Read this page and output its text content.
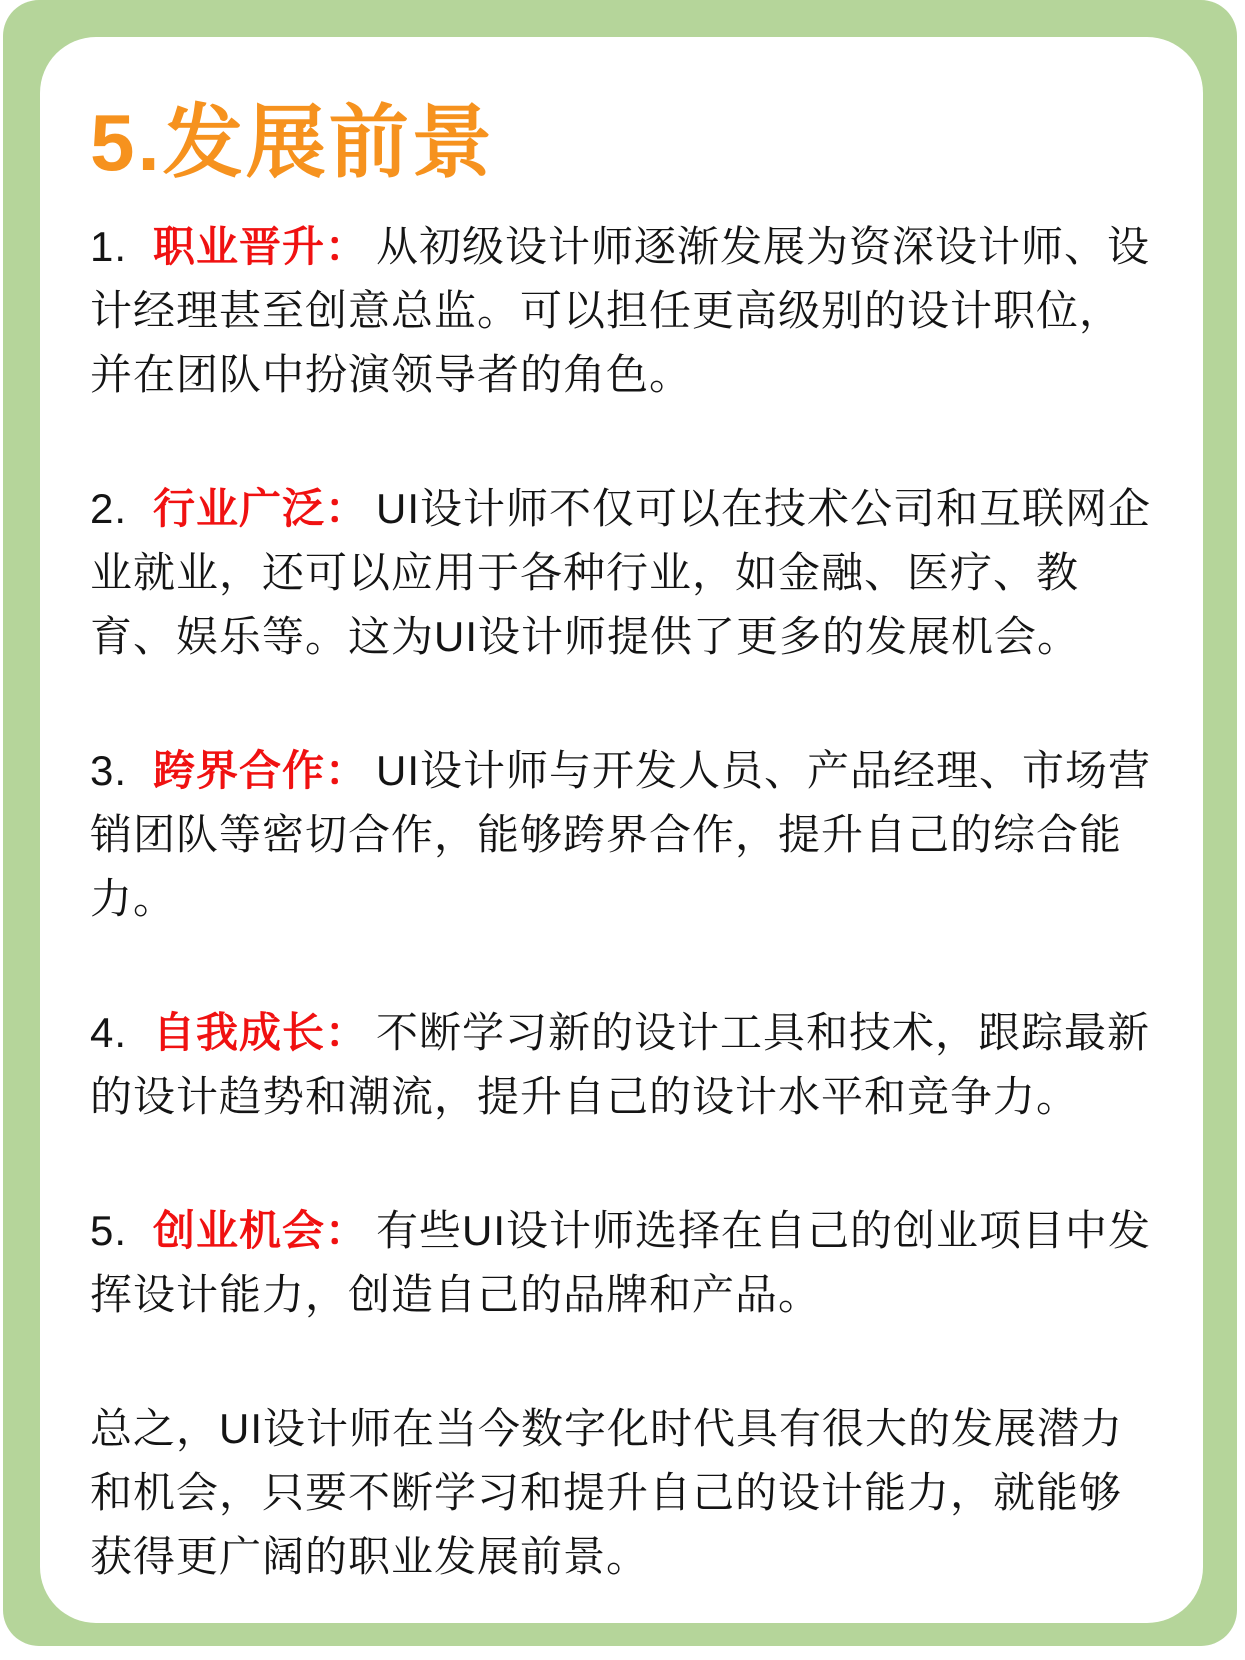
5.发展前景

1. 职业晋升： 从初级设计师逐渐发展为资深设计师、设计经理甚至创意总监。可以担任更高级别的设计职位，并在团队中扮演领导者的角色。

2. 行业广泛： UI设计师不仅可以在技术公司和互联网企业就业，还可以应用于各种行业，如金融、医疗、教育、娱乐等。这为UI设计师提供了更多的发展机会。

3. 跨界合作： UI设计师与开发人员、产品经理、市场营销团队等密切合作，能够跨界合作，提升自己的综合能力。

4. 自我成长： 不断学习新的设计工具和技术，跟踪最新的设计趋势和潮流，提升自己的设计水平和竞争力。

5. 创业机会： 有些UI设计师选择在自己的创业项目中发挥设计能力，创造自己的品牌和产品。

总之，UI设计师在当今数字化时代具有很大的发展潜力和机会，只要不断学习和提升自己的设计能力，就能够获得更广阔的职业发展前景。
